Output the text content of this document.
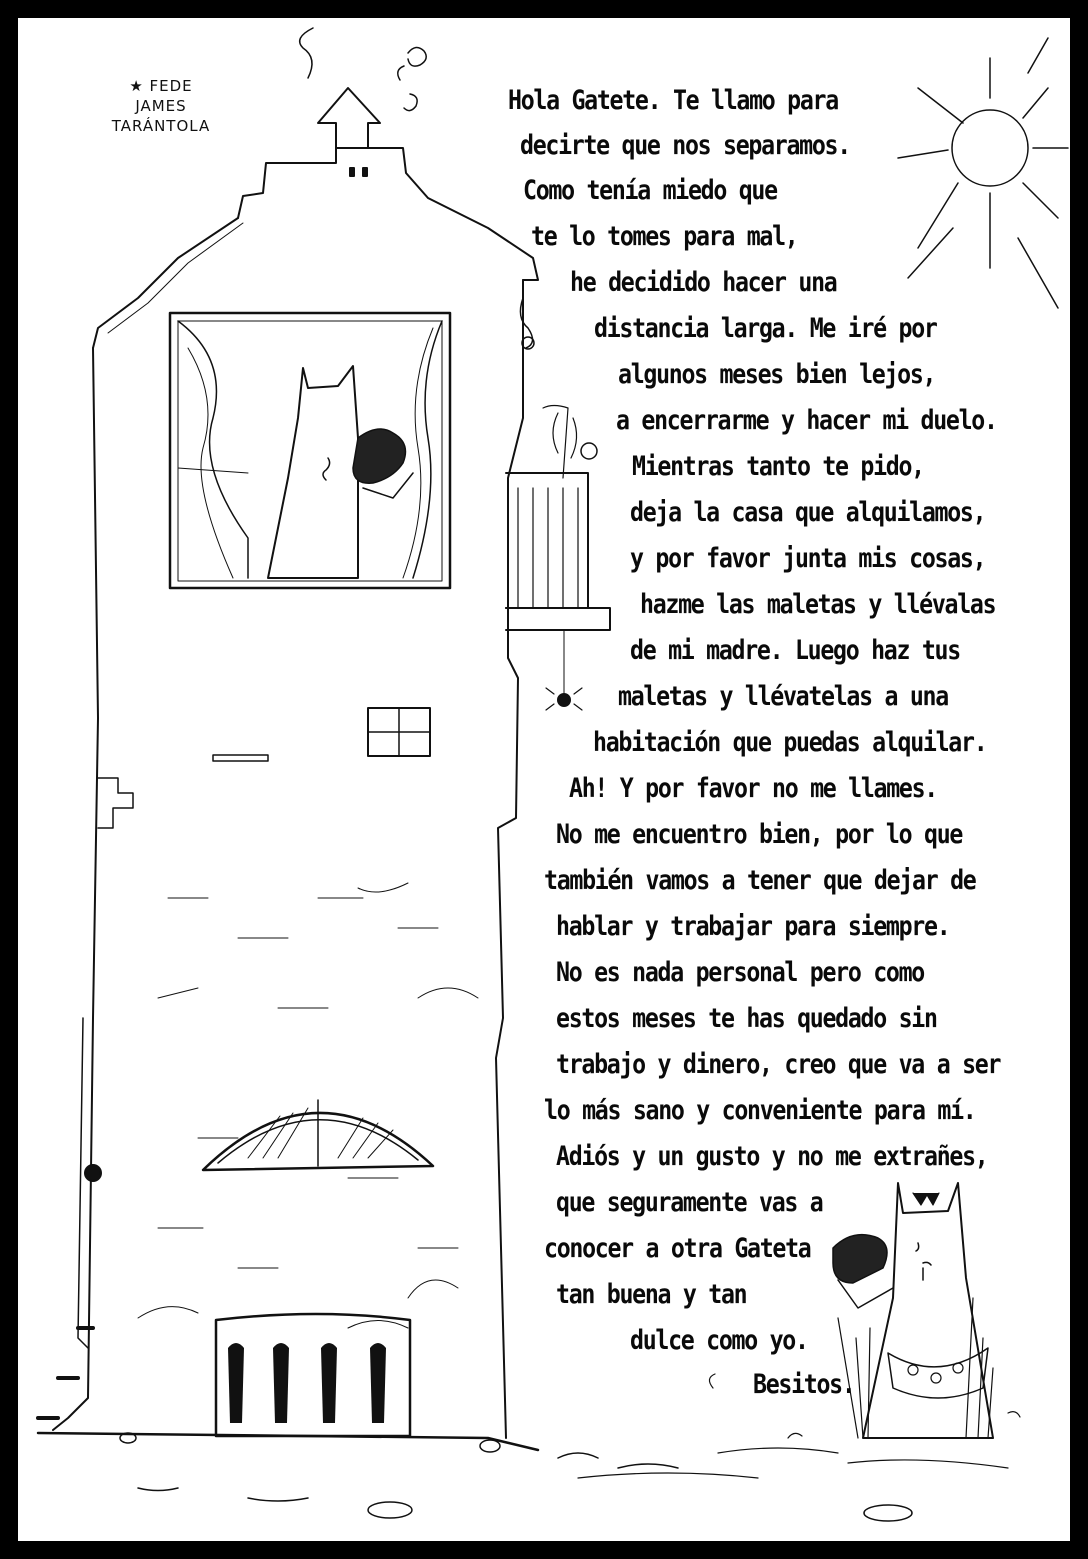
★ FEDE
JAMES
TARÁNTOLA
Hola Gatete. Te llamo para
decirte que nos separamos.
Como tenía miedo que
te lo tomes para mal,
he decidido hacer una
distancia larga. Me iré por
algunos meses bien lejos,
a encerrarme y hacer mi duelo.
Mientras tanto te pido,
deja la casa que alquilamos,
y por favor junta mis cosas,
hazme las maletas y llévalas
de mi madre. Luego haz tus
maletas y llévatelas a una
habitación que puedas alquilar.
Ah! Y por favor no me llames.
No me encuentro bien, por lo que
también vamos a tener que dejar de
hablar y trabajar para siempre.
No es nada personal pero como
estos meses te has quedado sin
trabajo y dinero, creo que va a ser
lo más sano y conveniente para mí.
Adiós y un gusto y no me extrañes,
que seguramente vas a
conocer a otra Gateta
tan buena y tan
dulce como yo.
Besitos.
